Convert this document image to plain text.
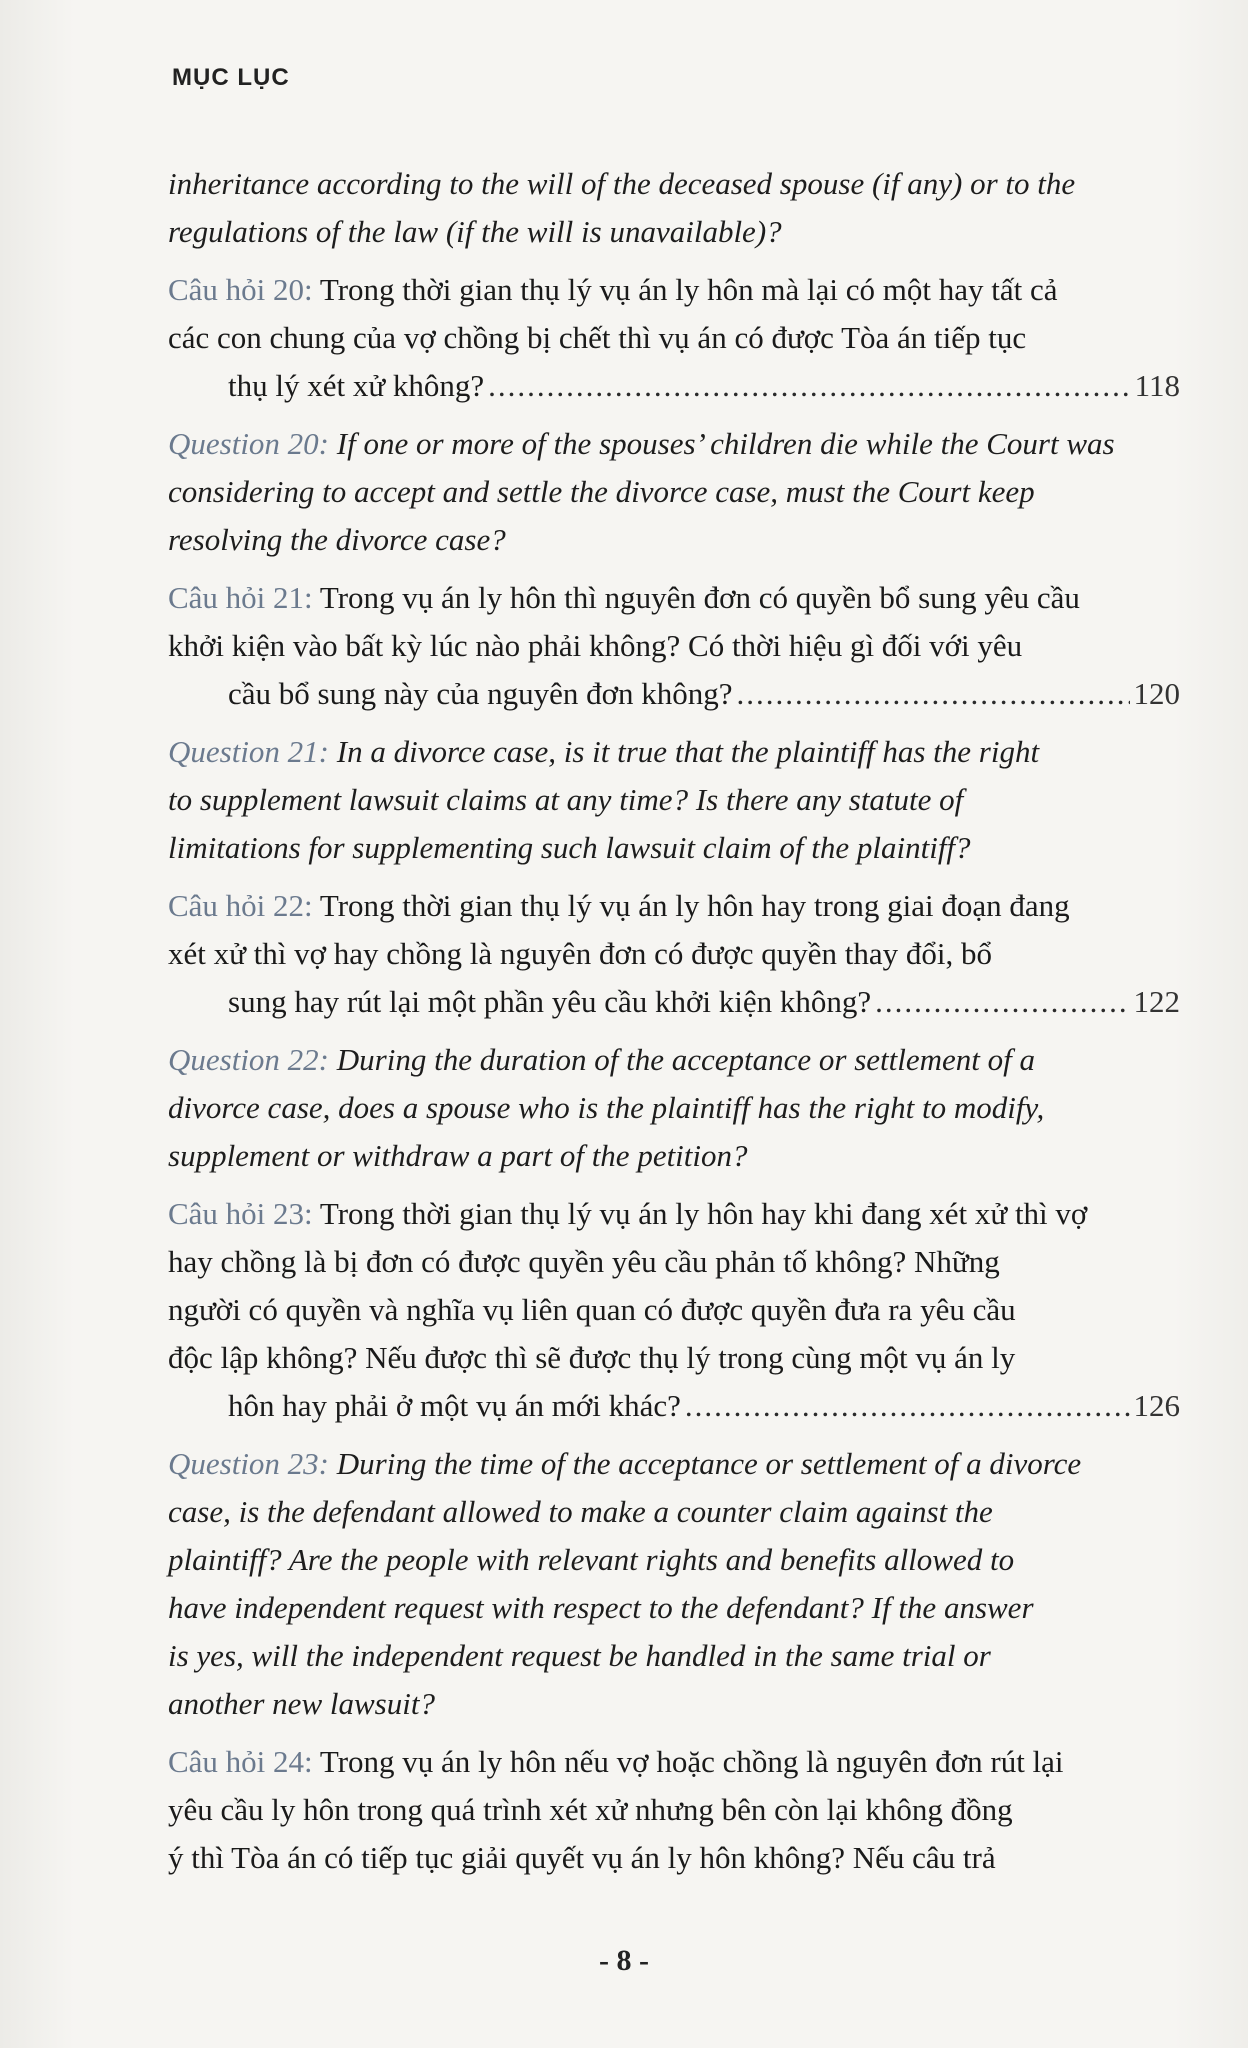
MỤC LỤC
inheritance according to the will of the deceased spouse (if any) or to the
regulations of the law (if the will is unavailable)?
Câu hỏi 20: Trong thời gian thụ lý vụ án ly hôn mà lại có một hay tất cả
các con chung của vợ chồng bị chết thì vụ án có được Tòa án tiếp tục
thụ lý xét xử không? .....	118
Question 20: If one or more of the spouses’ children die while the Court was
considering to accept and settle the divorce case, must the Court keep
resolving the divorce case?
Câu hỏi 21: Trong vụ án ly hôn thì nguyên đơn có quyền bổ sung yêu cầu
khởi kiện vào bất kỳ lúc nào phải không? Có thời hiệu gì đối với yêu
cầu bổ sung này của nguyên đơn không? .....	120
Question 21: In a divorce case, is it true that the plaintiff has the right
to supplement lawsuit claims at any time? Is there any statute of
limitations for supplementing such lawsuit claim of the plaintiff?
Câu hỏi 22: Trong thời gian thụ lý vụ án ly hôn hay trong giai đoạn đang
xét xử thì vợ hay chồng là nguyên đơn có được quyền thay đổi, bổ
sung hay rút lại một phần yêu cầu khởi kiện không? .....	122
Question 22: During the duration of the acceptance or settlement of a
divorce case, does a spouse who is the plaintiff has the right to modify,
supplement or withdraw a part of the petition?
Câu hỏi 23: Trong thời gian thụ lý vụ án ly hôn hay khi đang xét xử thì vợ
hay chồng là bị đơn có được quyền yêu cầu phản tố không? Những
người có quyền và nghĩa vụ liên quan có được quyền đưa ra yêu cầu
độc lập không? Nếu được thì sẽ được thụ lý trong cùng một vụ án ly
hôn hay phải ở một vụ án mới khác? .....	126
Question 23: During the time of the acceptance or settlement of a divorce
case, is the defendant allowed to make a counter claim against the
plaintiff? Are the people with relevant rights and benefits allowed to
have independent request with respect to the defendant? If the answer
is yes, will the independent request be handled in the same trial or
another new lawsuit?
Câu hỏi 24: Trong vụ án ly hôn nếu vợ hoặc chồng là nguyên đơn rút lại
yêu cầu ly hôn trong quá trình xét xử nhưng bên còn lại không đồng
ý thì Tòa án có tiếp tục giải quyết vụ án ly hôn không? Nếu câu trả
- 8 -
